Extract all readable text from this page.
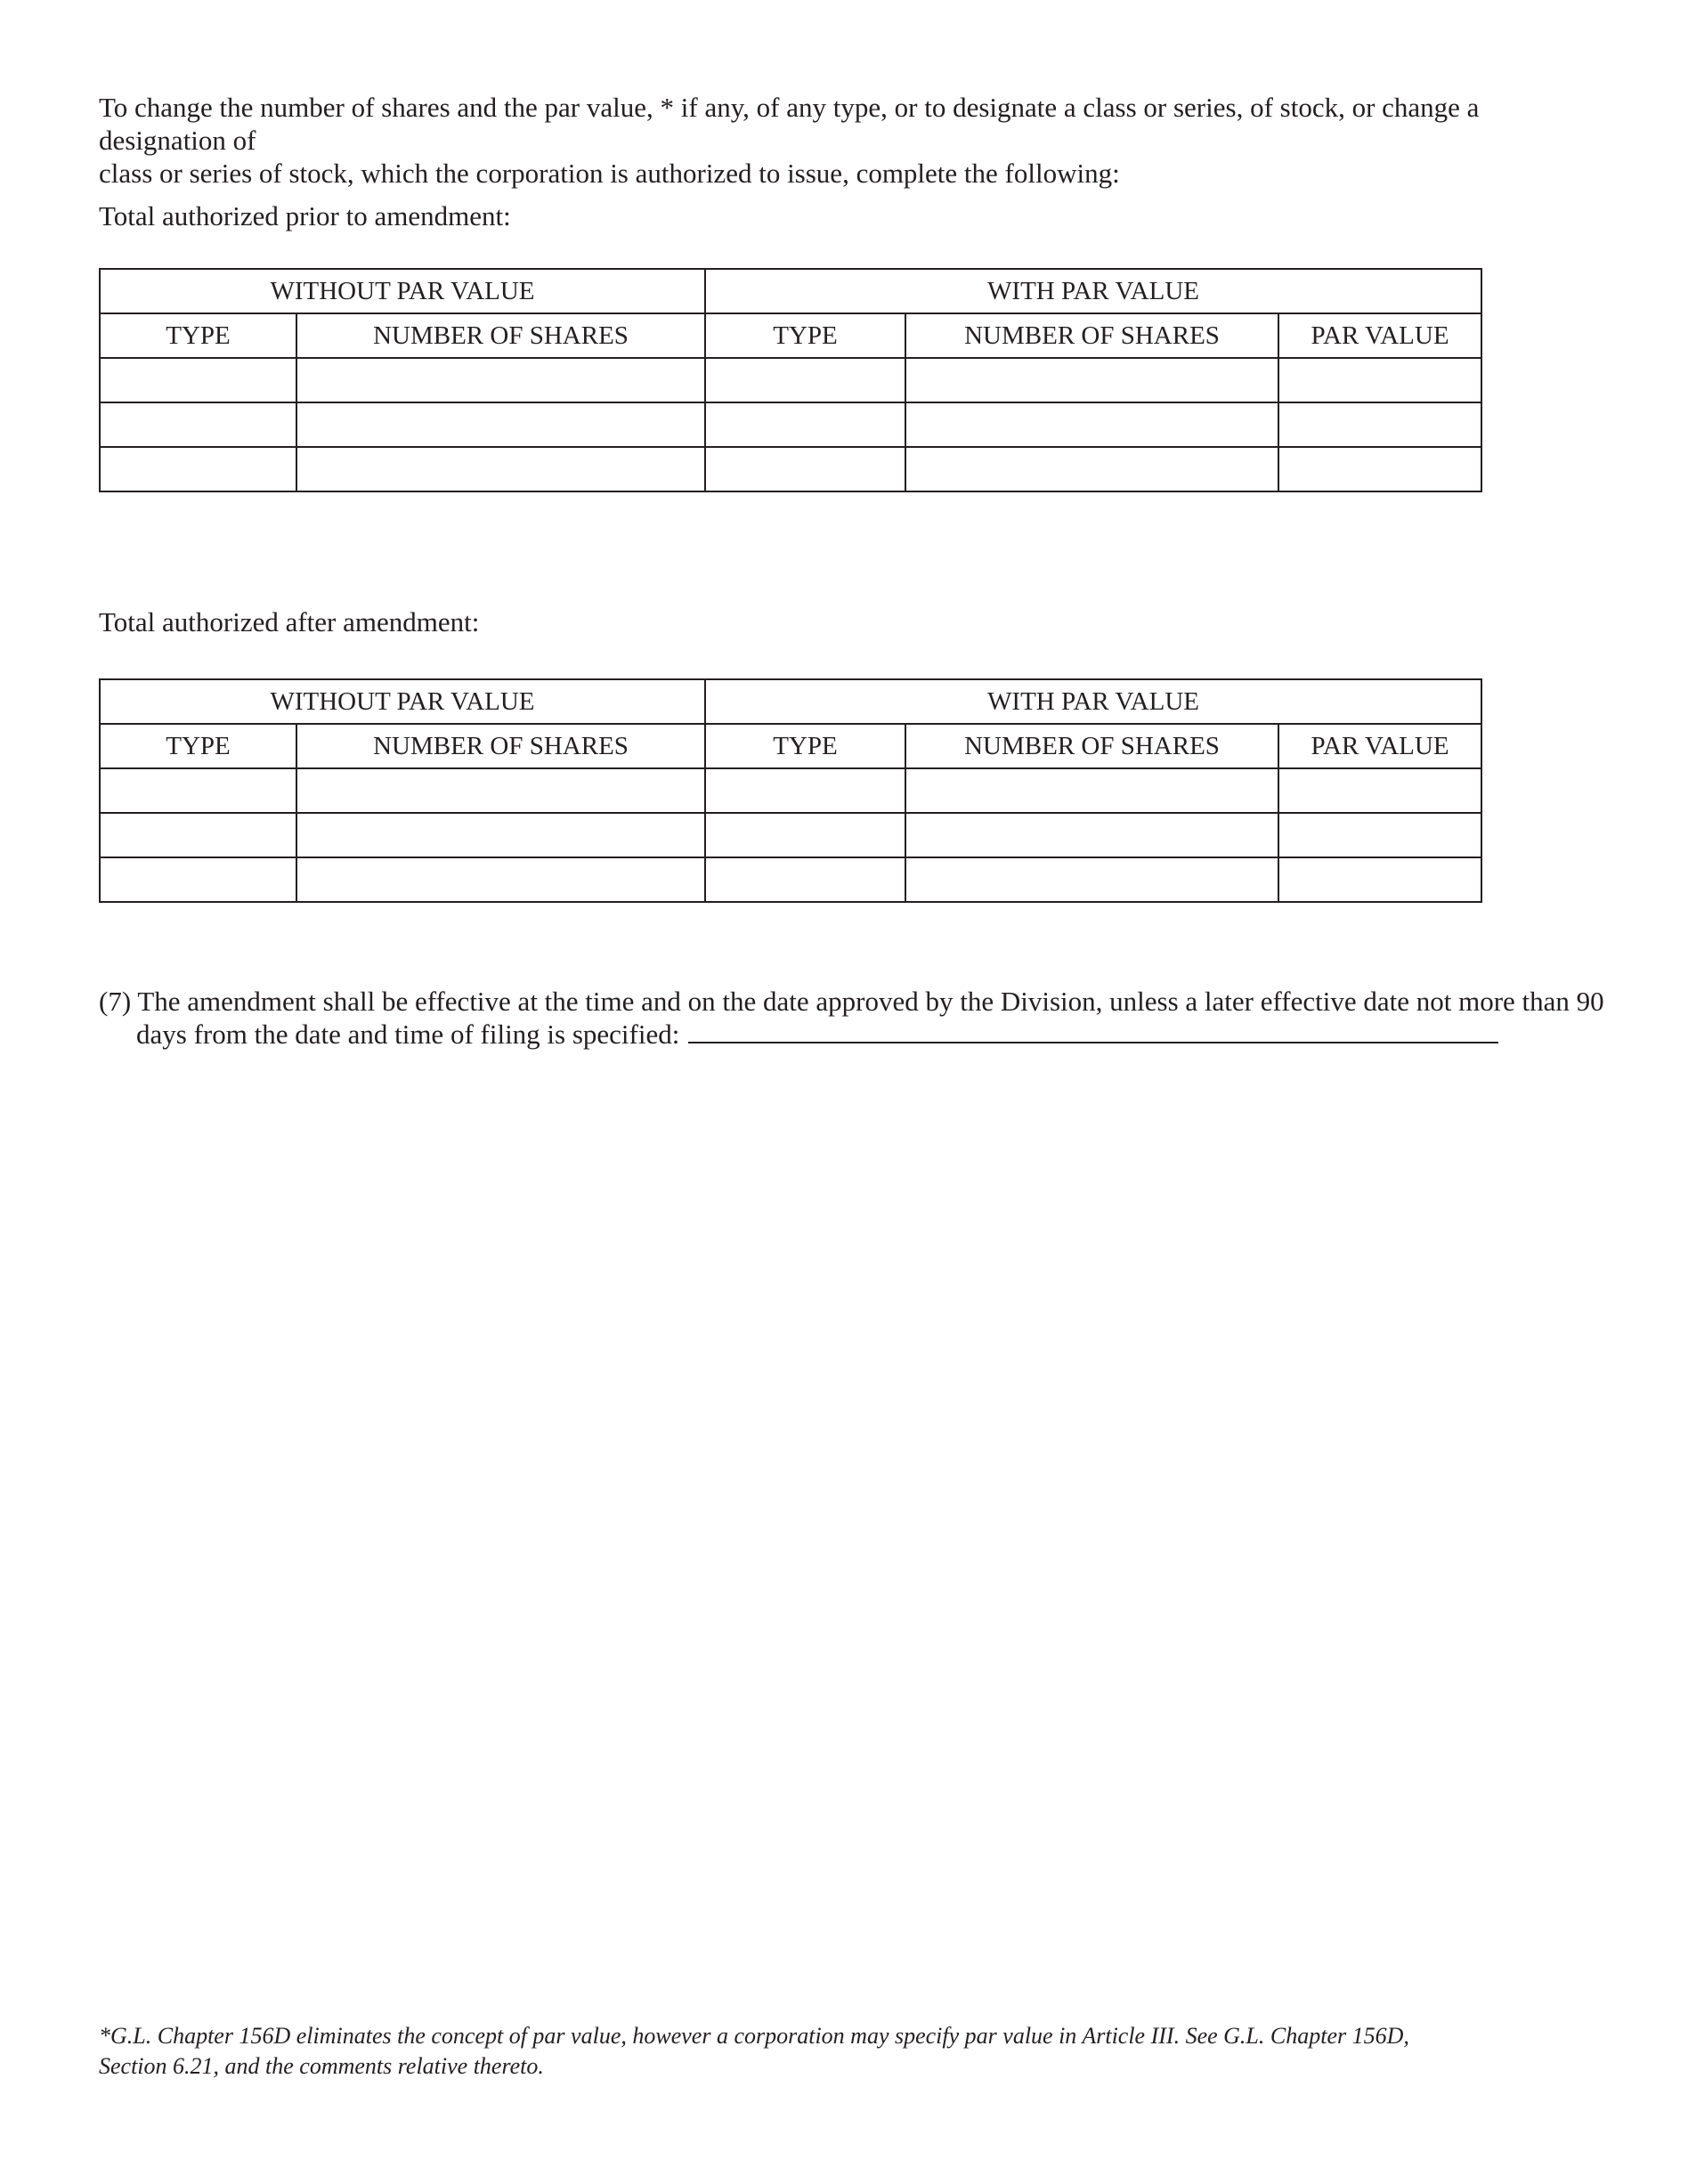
To change the number of shares and the par value, * if any, of any type, or to designate a class or series, of stock, or change a designation of
class or series of stock, which the corporation is authorized to issue, complete the following:
Total authorized prior to amendment:
WITHOUT PAR VALUE		WITH PAR VALUE		
TYPE	NUMBER OF SHARES	TYPE	NUMBER OF SHARES	PAR VALUE

Total authorized after amendment:
WITHOUT PAR VALUE		WITH PAR VALUE		
TYPE	NUMBER OF SHARES	TYPE	NUMBER OF SHARES	PAR VALUE

(7) The amendment shall be effective at the time and on the date approved by the Division, unless a later effective date not more than 90
days from the date and time of filing is specified:
*G.L. Chapter 156D eliminates the concept of par value, however a corporation may specify par value in Article III. See G.L. Chapter 156D,
Section 6.21, and the comments relative thereto.
